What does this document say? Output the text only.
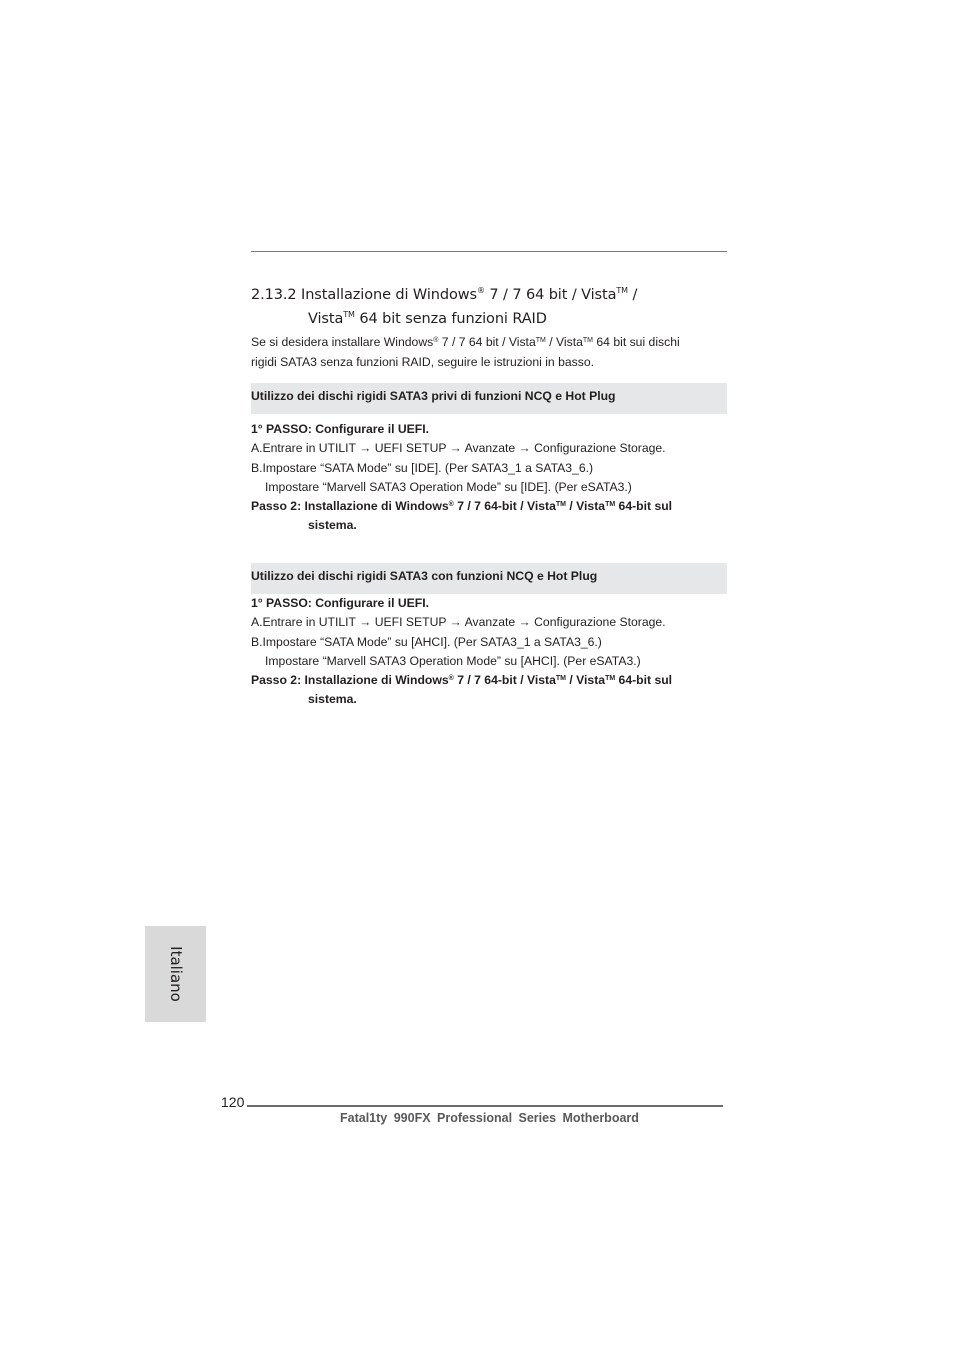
2.13.2 Installazione di Windows® 7 / 7 64 bit / Vista™ /
Vista™ 64 bit senza funzioni RAID
Se si desidera installare Windows® 7 / 7 64 bit / Vista™ / Vista™ 64 bit sui dischi
rigidi SATA3 senza funzioni RAID, seguire le istruzioni in basso.
Utilizzo dei dischi rigidi SATA3 privi di funzioni NCQ e Hot Plug
1° PASSO: Configurare il UEFI.
A.Entrare in UTILIT → UEFI SETUP → Avanzate → Configurazione Storage.
B.Impostare “SATA Mode” su [IDE]. (Per SATA3_1 a SATA3_6.)
Impostare “Marvell SATA3 Operation Mode” su [IDE]. (Per eSATA3.)
Passo 2: Installazione di Windows® 7 / 7 64-bit / Vista™ / Vista™ 64-bit sul
sistema.
Utilizzo dei dischi rigidi SATA3 con funzioni NCQ e Hot Plug
1° PASSO: Configurare il UEFI.
A.Entrare in UTILIT → UEFI SETUP → Avanzate → Configurazione Storage.
B.Impostare “SATA Mode” su [AHCI]. (Per SATA3_1 a SATA3_6.)
Impostare “Marvell SATA3 Operation Mode” su [AHCI]. (Per eSATA3.)
Passo 2: Installazione di Windows® 7 / 7 64-bit / Vista™ / Vista™ 64-bit sul
sistema.
Italiano
120
Fatal1ty 990FX Professional Series Motherboard
